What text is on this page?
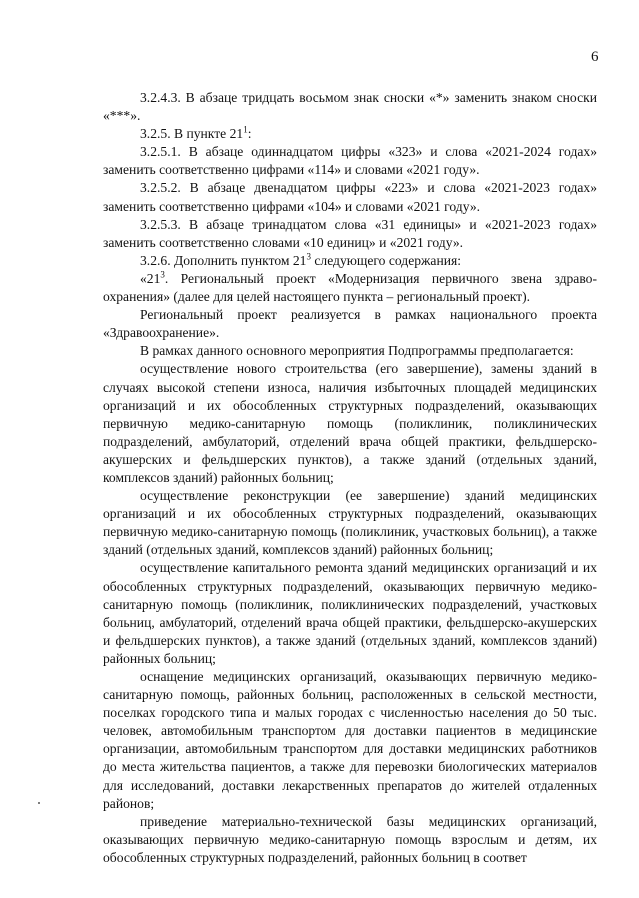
6

3.2.4.3. В абзаце тридцать восьмом знак сноски «*» заменить знаком сноски «***».

3.2.5. В пункте $21^1$:

3.2.5.1. В абзаце одиннадцатом цифры «323» и слова «2021-2024 годах» заменить соответственно цифрами «114» и словами «2021 году».

3.2.5.2. В абзаце двенадцатом цифры «223» и слова «2021-2023 годах» заменить соответственно цифрами «104» и словами «2021 году».

3.2.5.3. В абзаце тринадцатом слова «31 единицы» и «2021-2023 годах» заменить соответственно словами «10 единиц» и «2021 году».

3.2.6. Дополнить пунктом $21^3$ следующего содержания:

«$21^3$. Региональный проект «Модернизация первичного звена здравоохранения» (далее для целей настоящего пункта – региональный проект).

Региональный проект реализуется в рамках национального проекта «Здравоохранение».

В рамках данного основного мероприятия Подпрограммы предполагается:

осуществление нового строительства (его завершение), замены зданий в случаях высокой степени износа, наличия избыточных площадей медицинских организаций и их обособленных структурных подразделений, оказывающих первичную медико-санитарную помощь (поликлиник, поликлинических подразделений, амбулаторий, отделений врача общей практики, фельдшерско-акушерских и фельдшерских пунктов), а также зданий (отдельных зданий, комплексов зданий) районных больниц;

осуществление реконструкции (ее завершение) зданий медицинских организаций и их обособленных структурных подразделений, оказывающих первичную медико-санитарную помощь (поликлиник, участковых больниц), а также зданий (отдельных зданий, комплексов зданий) районных больниц;

осуществление капитального ремонта зданий медицинских организаций и их обособленных структурных подразделений, оказывающих первичную медико-санитарную помощь (поликлиник, поликлинических подразделений, участковых больниц, амбулаторий, отделений врача общей практики, фельдшерско-акушерских и фельдшерских пунктов), а также зданий (отдельных зданий, комплексов зданий) районных больниц;

оснащение медицинских организаций, оказывающих первичную медико-санитарную помощь, районных больниц, расположенных в сельской местности, поселках городского типа и малых городах с численностью населения до 50 тыс. человек, автомобильным транспортом для доставки пациентов в медицинские организации, автомобильным транспортом для доставки медицинских работников до места жительства пациентов, а также для перевозки биологических материалов для исследований, доставки лекарственных препаратов до жителей отдаленных районов;

приведение материально-технической базы медицинских организаций, оказывающих первичную медико-санитарную помощь взрослым и детям, их обособленных структурных подразделений, районных больниц в соответ
